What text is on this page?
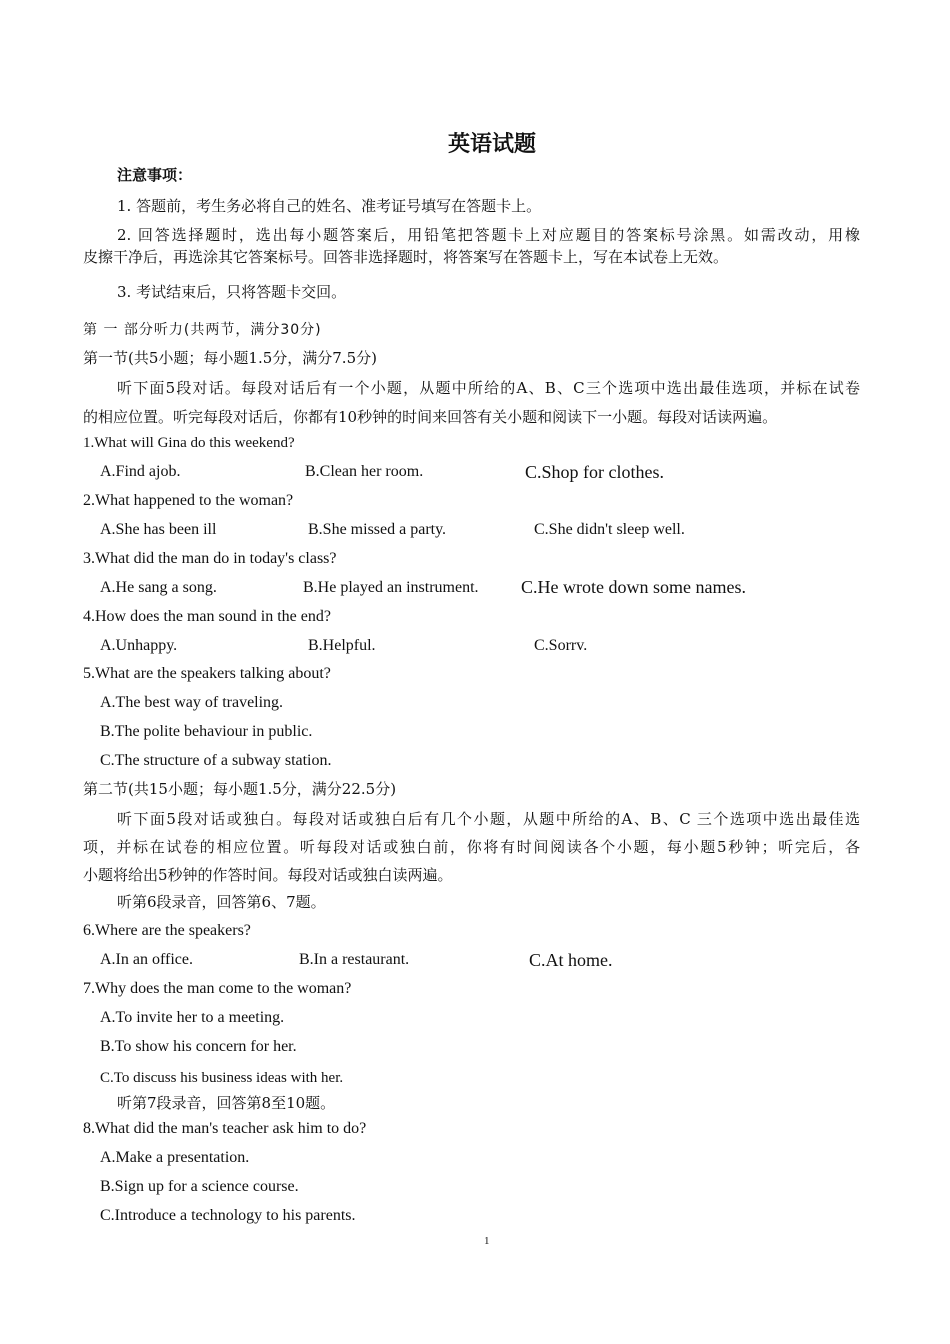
英语试题
注意事项：
1. 答题前，考生务必将自己的姓名、准考证号填写在答题卡上。
2. 回答选择题时，选出每小题答案后，用铅笔把答题卡上对应题目的答案标号涂黑。如需改动，用橡
皮擦干净后，再选涂其它答案标号。回答非选择题时，将答案写在答题卡上，写在本试卷上无效。
3. 考试结束后，只将答题卡交回。
第 一 部分听力(共两节，满分30分)
第一节(共5小题；每小题1.5分，满分7.5分)
听下面5段对话。每段对话后有一个小题，从题中所给的A、B、C三个选项中选出最佳选项，并标在试卷
的相应位置。听完每段对话后，你都有10秒钟的时间来回答有关小题和阅读下一小题。每段对话读两遍。
1.What will Gina do this weekend?
A.Find ajob.	B.Clean her room.	C.Shop for clothes.
2.What happened to the woman?
A.She has been ill	B.She missed a party.	C.She didn't sleep well.
3.What did the man do in today's class?
A.He sang a song.	B.He played an instrument. C.He wrote down some names.
4.How does the man sound in the end?
A.Unhappy.	B.Helpful.	C.Sorrv.
5.What are the speakers talking about?
A.The best way of traveling.
B.The polite behaviour in public.
C.The structure of a subway station.
第二节(共15小题；每小题1.5分，满分22.5分)
听下面5段对话或独白。每段对话或独白后有几个小题，从题中所给的A、B、C 三个选项中选出最佳选
项，并标在试卷的相应位置。听每段对话或独白前，你将有时间阅读各个小题，每小题5秒钟；听完后，各
小题将给出5秒钟的作答时间。每段对话或独白读两遍。
听第6段录音，回答第6、7题。
6.Where are the speakers?
A.In an office.	B.In a restaurant.	C.At home.
7.Why does the man come to the woman?
A.To invite her to a meeting.
B.To show his concern for her.
C.To discuss his business ideas with her.
听第7段录音，回答第8至10题。
8.What did the man's teacher ask him to do?
A.Make a presentation.
B.Sign up for a science course.
C.Introduce a technology to his parents.
1
